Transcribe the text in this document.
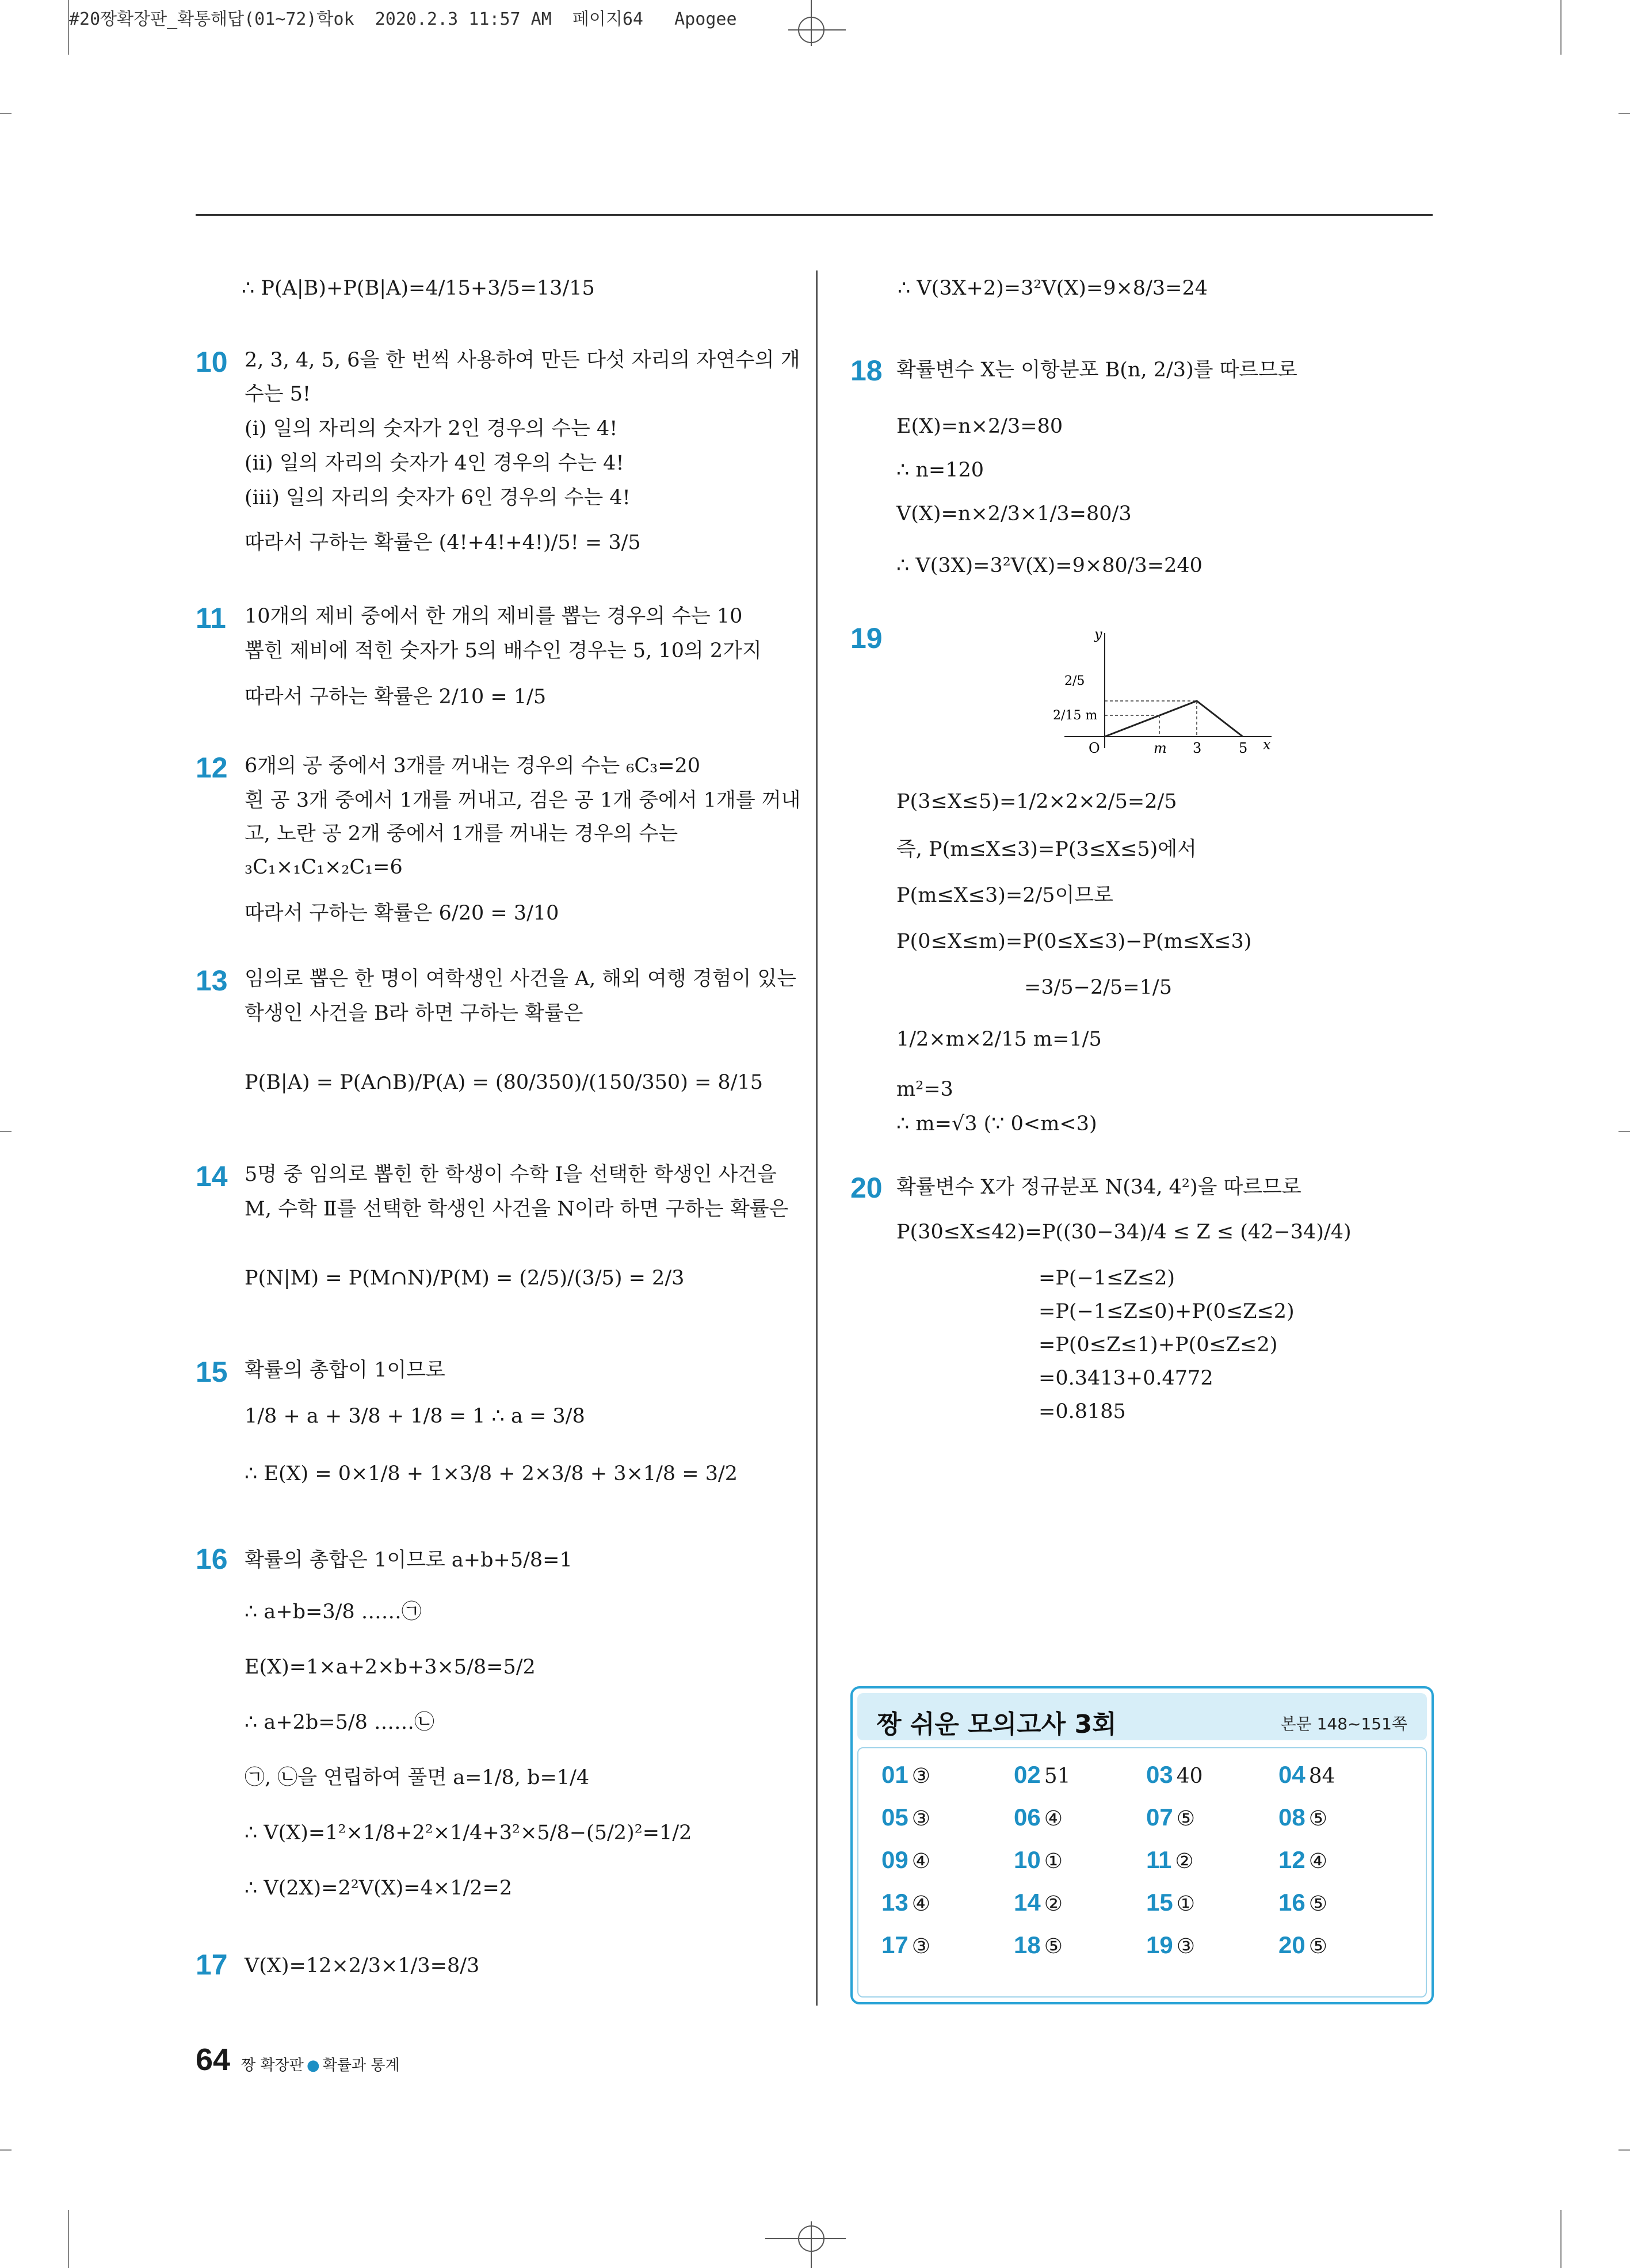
#20짱확장판_확통해답(01~72)학ok  2020.2.3 11:57 AM  페이지64   Apogee
∴ P(A|B)+P(B|A)=4/15+3/5=13/15
10 2, 3, 4, 5, 6을 한 번씩 사용하여 만든 다섯 자리의 자연수의 개
수는 5!
(ⅰ) 일의 자리의 숫자가 2인 경우의 수는 4!
(ⅱ) 일의 자리의 숫자가 4인 경우의 수는 4!
(ⅲ) 일의 자리의 숫자가 6인 경우의 수는 4!
따라서 구하는 확률은 (4!+4!+4!)/5! = 3/5
11 10개의 제비 중에서 한 개의 제비를 뽑는 경우의 수는 10
뽑힌 제비에 적힌 숫자가 5의 배수인 경우는 5, 10의 2가지
따라서 구하는 확률은 2/10 = 1/5
12 6개의 공 중에서 3개를 꺼내는 경우의 수는 ₆C₃=20
흰 공 3개 중에서 1개를 꺼내고, 검은 공 1개 중에서 1개를 꺼내
고, 노란 공 2개 중에서 1개를 꺼내는 경우의 수는
₃C₁×₁C₁×₂C₁=6
따라서 구하는 확률은 6/20 = 3/10
13 임의로 뽑은 한 명이 여학생인 사건을 A, 해외 여행 경험이 있는
학생인 사건을 B라 하면 구하는 확률은
P(B|A) = P(A∩B)/P(A) = (80/350)/(150/350) = 8/15
14 5명 중 임의로 뽑힌 한 학생이 수학 Ⅰ을 선택한 학생인 사건을
M, 수학 Ⅱ를 선택한 학생인 사건을 N이라 하면 구하는 확률은
P(N|M) = P(M∩N)/P(M) = (2/5)/(3/5) = 2/3
15 확률의 총합이 1이므로
1/8 + a + 3/8 + 1/8 = 1 ∴ a = 3/8
∴ E(X) = 0×1/8 + 1×3/8 + 2×3/8 + 3×1/8 = 3/2
16 확률의 총합은 1이므로 a+b+5/8=1
∴ a+b=3/8 ……㉠
E(X)=1×a+2×b+3×5/8=5/2
∴ a+2b=5/8 ……㉡
㉠, ㉡을 연립하여 풀면 a=1/8, b=1/4
∴ V(X)=1²×1/8+2²×1/4+3²×5/8−(5/2)²=1/2
∴ V(2X)=2²V(X)=4×1/2=2
17 V(X)=12×2/3×1/3=8/3
∴ V(3X+2)=3²V(X)=9×8/3=24
18 확률변수 X는 이항분포 B(n, 2/3)를 따르므로
E(X)=n×2/3=80
∴ n=120
V(X)=n×2/3×1/3=80/3
∴ V(3X)=3²V(X)=9×80/3=240
19	y
x
O	m 3	5
2/5
2/15 m
P(3≤X≤5)=1/2×2×2/5=2/5
즉, P(m≤X≤3)=P(3≤X≤5)에서
P(m≤X≤3)=2/5이므로
P(0≤X≤m)=P(0≤X≤3)−P(m≤X≤3)
=3/5−2/5=1/5
1/2×m×2/15 m=1/5
m²=3
∴ m=√3 (∵ 0<m<3)
20 확률변수 X가 정규분포 N(34, 4²)을 따르므로
P(30≤X≤42)=P((30−34)/4 ≤ Z ≤ (42−34)/4)
=P(−1≤Z≤2)
=P(−1≤Z≤0)+P(0≤Z≤2)
=P(0≤Z≤1)+P(0≤Z≤2)
=0.3413+0.4772
=0.8185
짱 쉬운 모의고사 3회	본문 148~151쪽
01 ③	02 51	03 40	04 84
05 ③	06 ④	07 ⑤	08 ⑤
09 ④	10 ①	11 ②	12 ④
13 ④	14 ②	15 ①	16 ⑤
17 ③	18 ⑤	19 ③	20 ⑤
64 짱 확장판 ● 확률과 통계
